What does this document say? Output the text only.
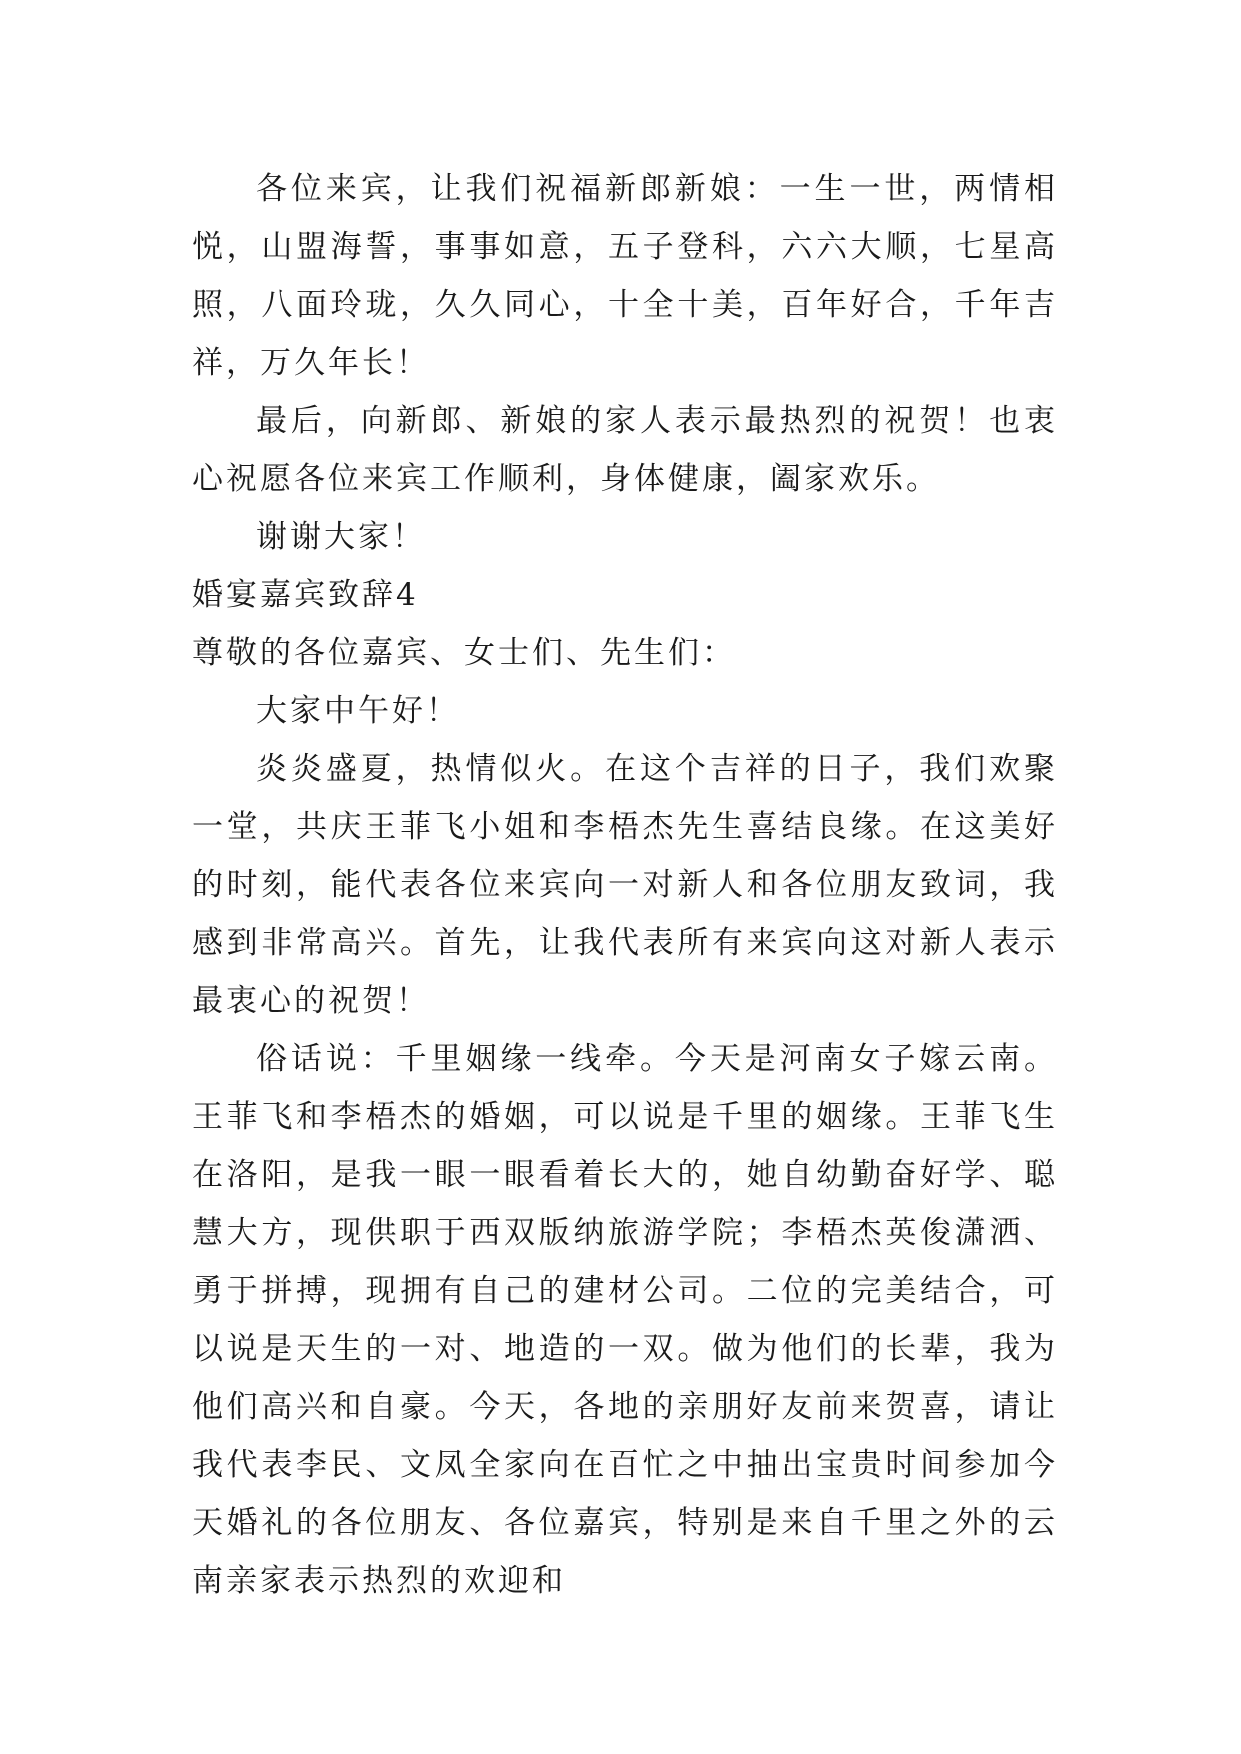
各位来宾，让我们祝福新郎新娘：一生一世，两情相悦，山盟海誓，事事如意，五子登科，六六大顺，七星高照，八面玲珑，久久同心，十全十美，百年好合，千年吉祥，万久年长！

最后，向新郎、新娘的家人表示最热烈的祝贺！也衷心祝愿各位来宾工作顺利，身体健康，阖家欢乐。

谢谢大家！

婚宴嘉宾致辞4

尊敬的各位嘉宾、女士们、先生们：

大家中午好！

炎炎盛夏，热情似火。在这个吉祥的日子，我们欢聚一堂，共庆王菲飞小姐和李梧杰先生喜结良缘。在这美好的时刻，能代表各位来宾向一对新人和各位朋友致词，我感到非常高兴。首先，让我代表所有来宾向这对新人表示最衷心的祝贺！

俗话说：千里姻缘一线牵。今天是河南女子嫁云南。王菲飞和李梧杰的婚姻，可以说是千里的姻缘。王菲飞生在洛阳，是我一眼一眼看着长大的，她自幼勤奋好学、聪慧大方，现供职于西双版纳旅游学院；李梧杰英俊潇洒、勇于拼搏，现拥有自己的建材公司。二位的完美结合，可以说是天生的一对、地造的一双。做为他们的长辈，我为他们高兴和自豪。今天，各地的亲朋好友前来贺喜，请让我代表李民、文凤全家向在百忙之中抽出宝贵时间参加今天婚礼的各位朋友、各位嘉宾，特别是来自千里之外的云南亲家表示热烈的欢迎和
